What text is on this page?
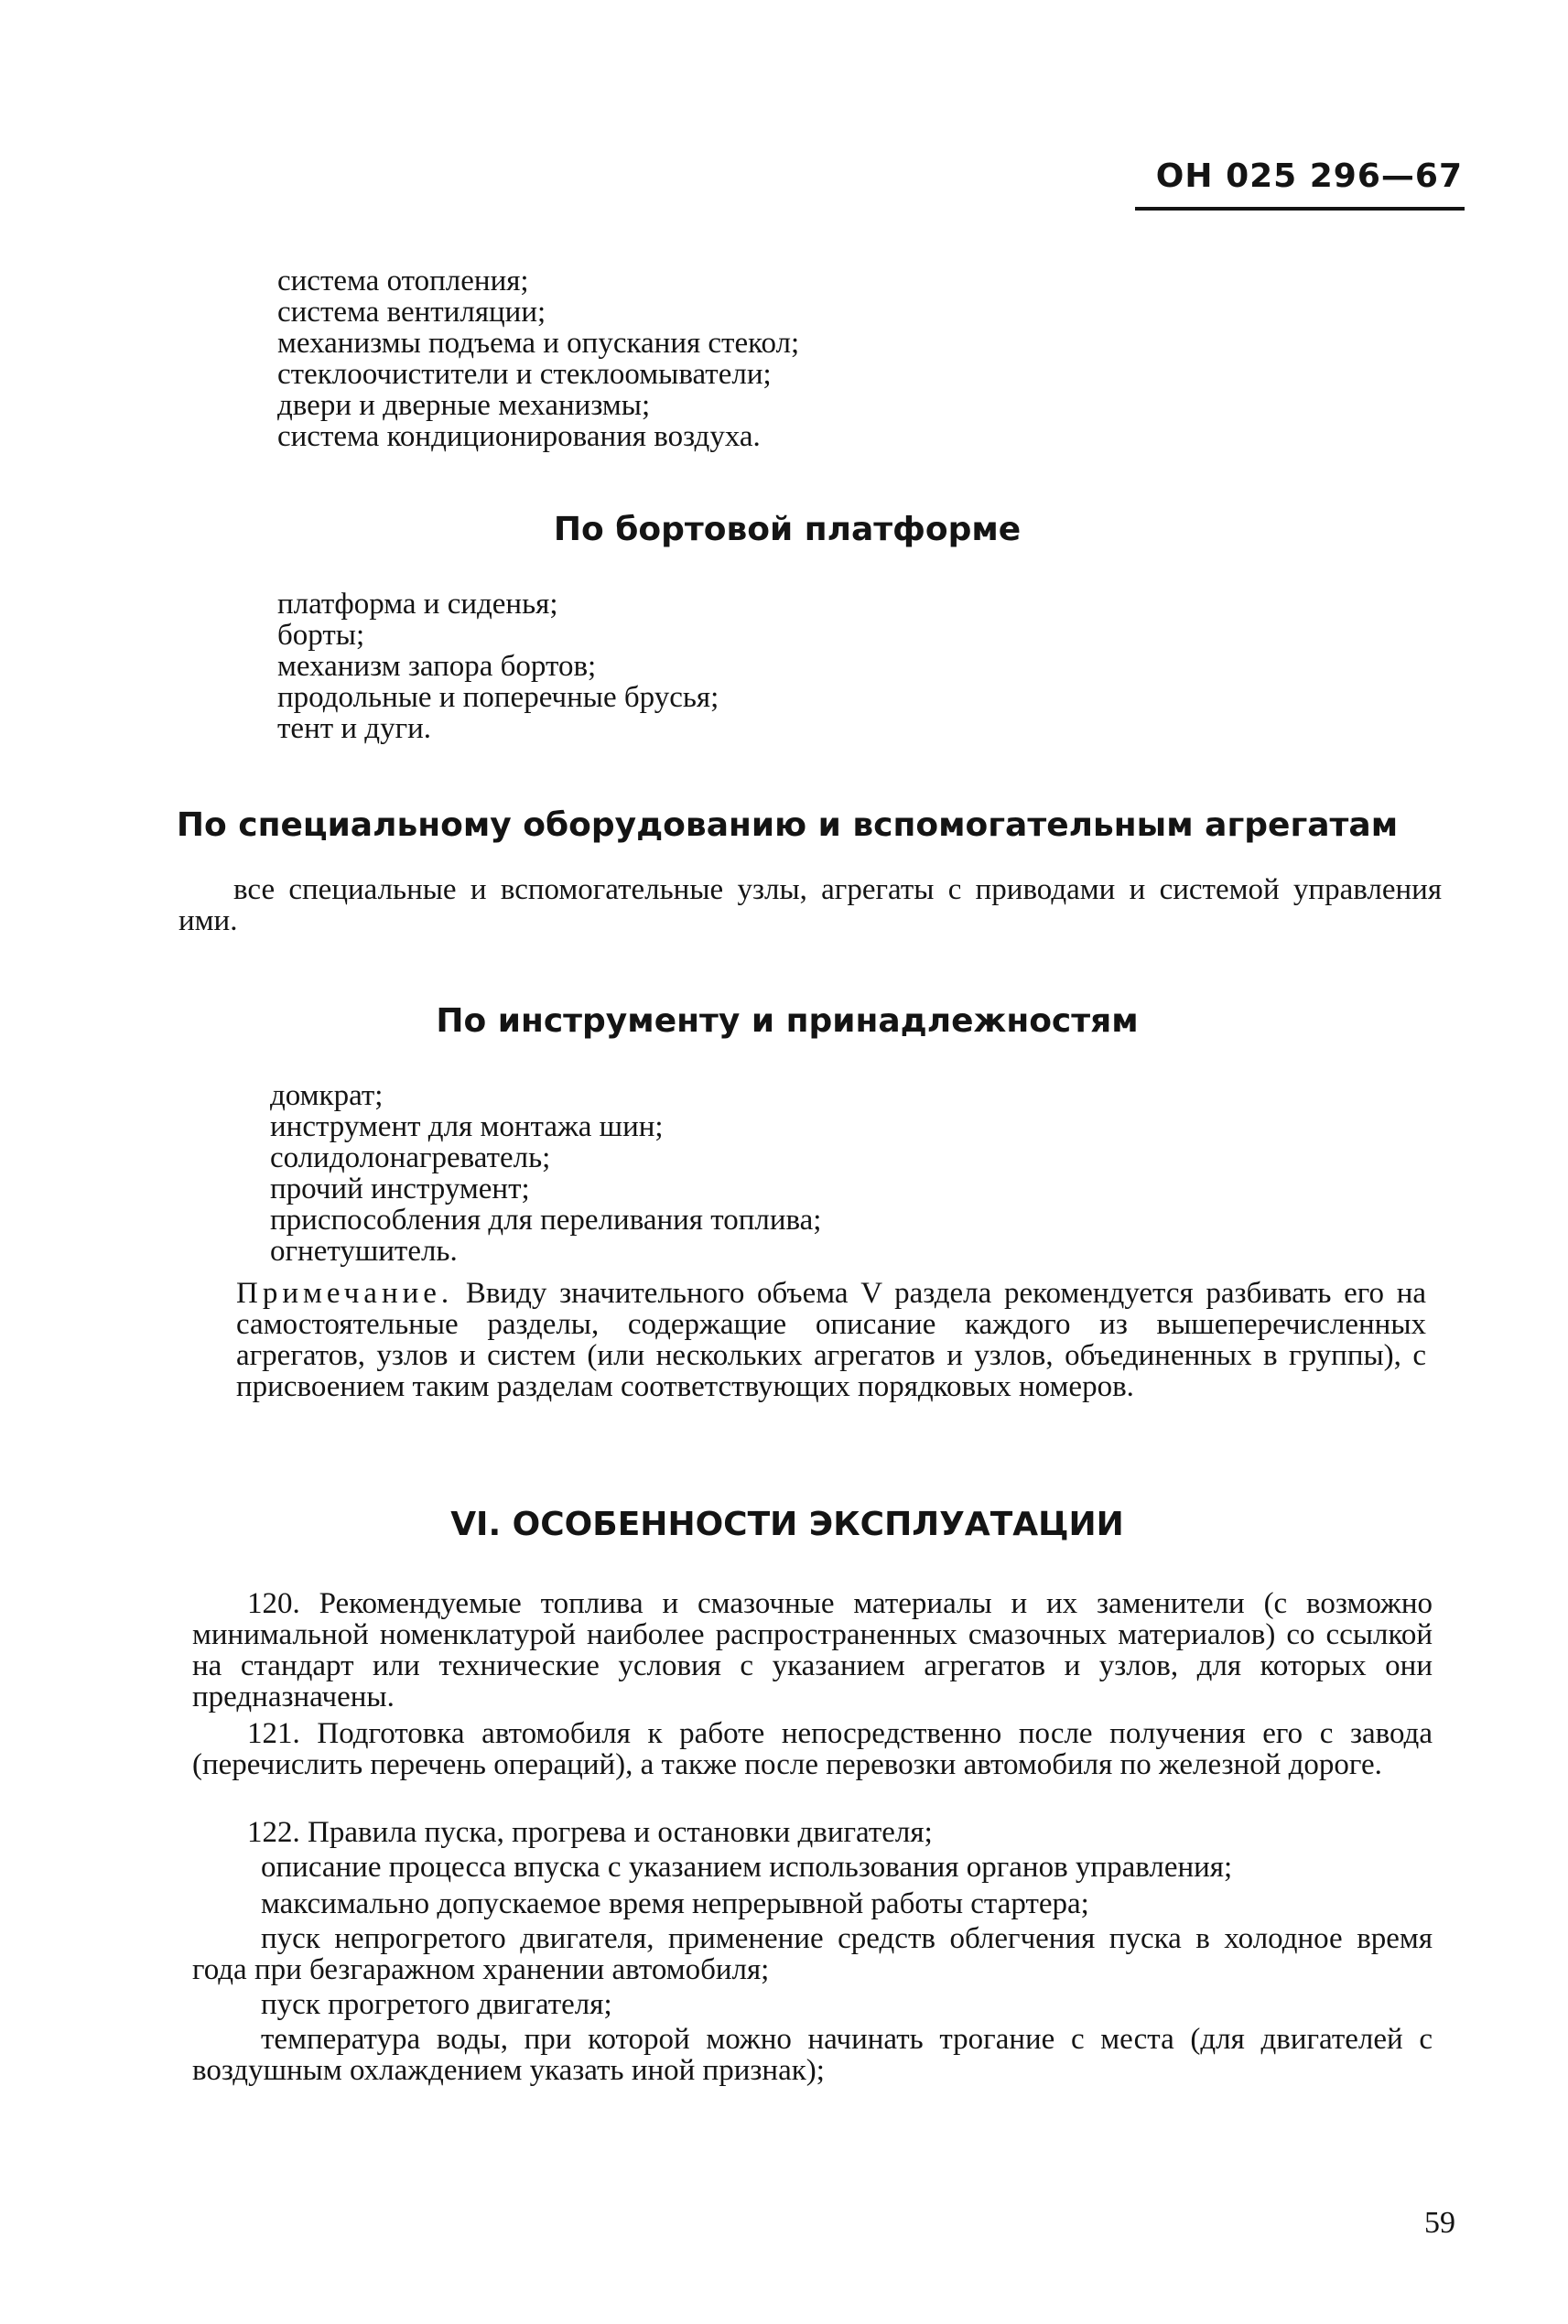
ОН 025 296—67
система отопления;
система вентиляции;
механизмы подъема и опускания стекол;
стеклоочистители и стеклоомыватели;
двери и дверные механизмы;
система кондиционирования воздуха.
По бортовой платформе
платформа и сиденья;
борты;
механизм запора бортов;
продольные и поперечные брусья;
тент и дуги.
По специальному оборудованию и вспомогательным агрегатам

все специальные и вспомогательные узлы, агрегаты с приводами и системой управления ими.

По инструменту и принадлежностям
домкрат;
инструмент для монтажа шин;
солидолонагреватель;
прочий инструмент;
приспособления для переливания топлива;
огнетушитель.

Примечание. Ввиду значительного объема V раздела рекомендуется разбивать его на самостоятельные разделы, содержащие описание каждого из вышеперечисленных агрегатов, узлов и систем (или нескольких агрегатов и узлов, объединенных в группы), с присвоением таким разделам соответствующих порядковых номеров.

VI. ОСОБЕННОСТИ ЭКСПЛУАТАЦИИ

120. Рекомендуемые топлива и смазочные материалы и их заменители (с возможно минимальной номенклатурой наиболее распространенных смазочных материалов) со ссылкой на стандарт или технические условия с указанием агрегатов и узлов, для которых они предназначены.

121. Подготовка автомобиля к работе непосредственно после получения его с завода (перечислить перечень операций), а также после перевозки автомобиля по железной дороге.

122. Правила пуска, прогрева и остановки двигателя;

описание процесса впуска с указанием использования органов управления;

максимально допускаемое время непрерывной работы стартера;

пуск непрогретого двигателя, применение средств облегчения пуска в холодное время года при безгаражном хранении автомобиля;

пуск прогретого двигателя;

температура воды, при которой можно начинать трогание с места (для двигателей с воздушным охлаждением указать иной признак);

59
